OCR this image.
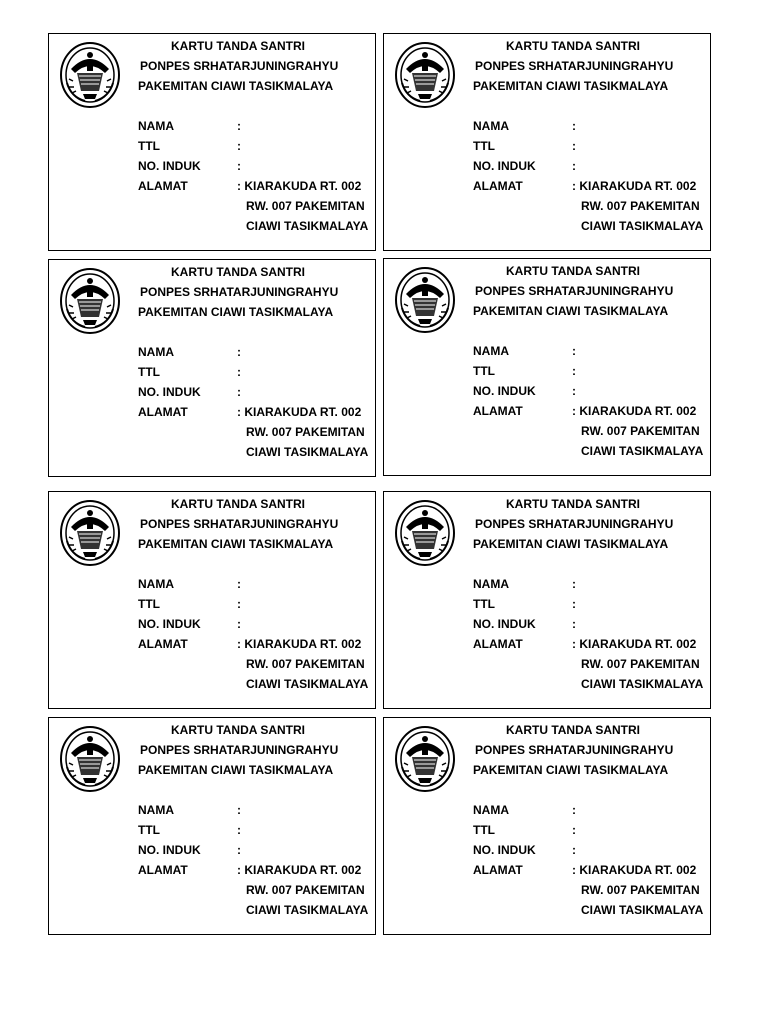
KARTU TANDA SANTRI
PONPES SRHATARJUNINGRAHYU
PAKEMITAN CIAWI TASIKMALAYA
NAMA	:
TTL	:
NO. INDUK	:
ALAMAT	: KIARAKUDA RT. 002
RW. 007 PAKEMITAN
CIAWI TASIKMALAYA
KARTU TANDA SANTRI
PONPES SRHATARJUNINGRAHYU
PAKEMITAN CIAWI TASIKMALAYA
NAMA	:
TTL	:
NO. INDUK	:
ALAMAT	: KIARAKUDA RT. 002
RW. 007 PAKEMITAN
CIAWI TASIKMALAYA
KARTU TANDA SANTRI
PONPES SRHATARJUNINGRAHYU
PAKEMITAN CIAWI TASIKMALAYA
NAMA	:
TTL	:
NO. INDUK	:
ALAMAT	: KIARAKUDA RT. 002
RW. 007 PAKEMITAN
CIAWI TASIKMALAYA
KARTU TANDA SANTRI
PONPES SRHATARJUNINGRAHYU
PAKEMITAN CIAWI TASIKMALAYA
NAMA	:
TTL	:
NO. INDUK	:
ALAMAT	: KIARAKUDA RT. 002
RW. 007 PAKEMITAN
CIAWI TASIKMALAYA
KARTU TANDA SANTRI
PONPES SRHATARJUNINGRAHYU
PAKEMITAN CIAWI TASIKMALAYA
NAMA	:
TTL	:
NO. INDUK	:
ALAMAT	: KIARAKUDA RT. 002
RW. 007 PAKEMITAN
CIAWI TASIKMALAYA
KARTU TANDA SANTRI
PONPES SRHATARJUNINGRAHYU
PAKEMITAN CIAWI TASIKMALAYA
NAMA	:
TTL	:
NO. INDUK	:
ALAMAT	: KIARAKUDA RT. 002
RW. 007 PAKEMITAN
CIAWI TASIKMALAYA
KARTU TANDA SANTRI
PONPES SRHATARJUNINGRAHYU
PAKEMITAN CIAWI TASIKMALAYA
NAMA	:
TTL	:
NO. INDUK	:
ALAMAT	: KIARAKUDA RT. 002
RW. 007 PAKEMITAN
CIAWI TASIKMALAYA
KARTU TANDA SANTRI
PONPES SRHATARJUNINGRAHYU
PAKEMITAN CIAWI TASIKMALAYA
NAMA	:
TTL	:
NO. INDUK	:
ALAMAT	: KIARAKUDA RT. 002
RW. 007 PAKEMITAN
CIAWI TASIKMALAYA
